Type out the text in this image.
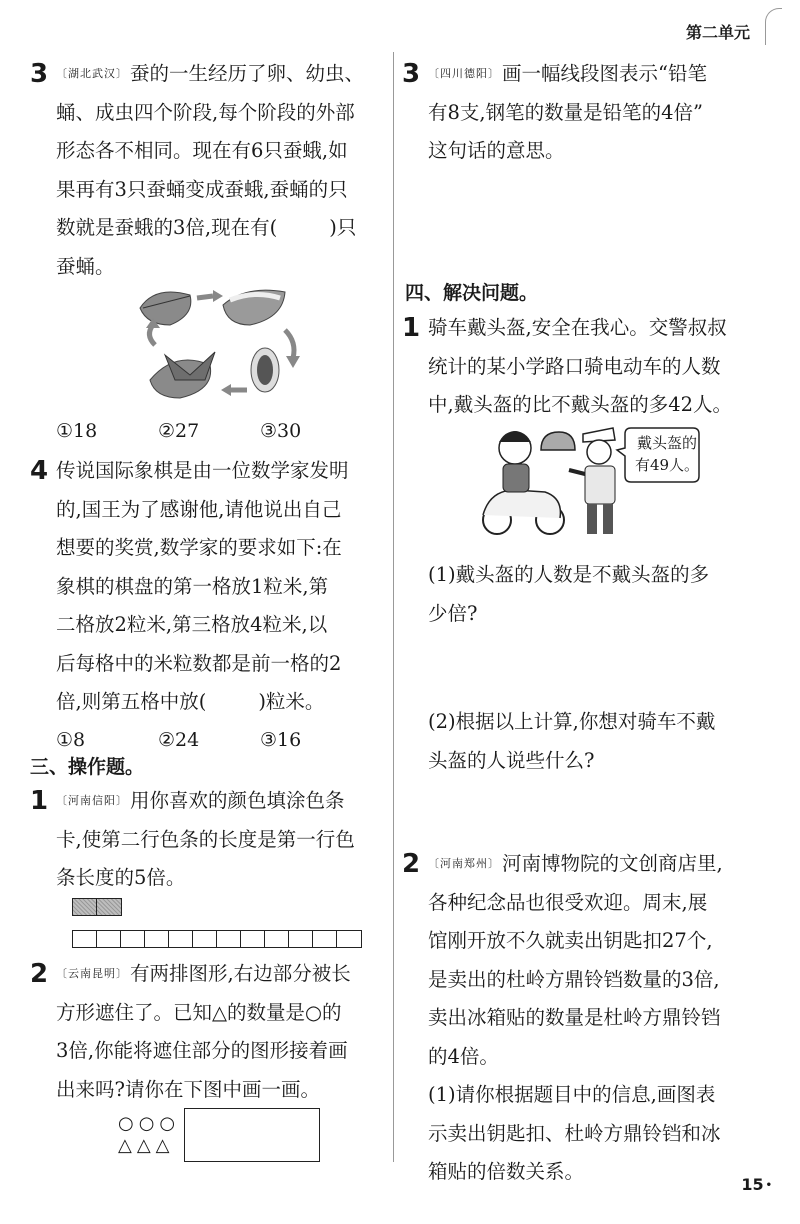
第二单元
3 〔湖北武汉〕 蚕的一生经历了卵、幼虫、
蛹、成虫四个阶段,每个阶段的外部
形态各不相同。现在有6只蚕蛾,如
果再有3只蚕蛹变成蚕蛾,蚕蛹的只
数就是蚕蛾的3倍,现在有(	)只
蚕蛹。
①18	②27	③30
4 传说国际象棋是由一位数学家发明
的,国王为了感谢他,请他说出自己
想要的奖赏,数学家的要求如下:在
象棋的棋盘的第一格放1粒米,第
二格放2粒米,第三格放4粒米,以
后每格中的米粒数都是前一格的2
倍,则第五格中放(	)粒米。
①8	②24	③16
三、操作题。
1 〔河南信阳〕 用你喜欢的颜色填涂色条
卡,使第二行色条的长度是第一行色
条长度的5倍。
2 〔云南昆明〕 有两排图形,右边部分被长
方形遮住了。已知△的数量是○的
3倍,你能将遮住部分的图形接着画
出来吗?请你在下图中画一画。
○○○
△△△
3 〔四川德阳〕 画一幅线段图表示“铅笔
有8支,钢笔的数量是铅笔的4倍”
这句话的意思。
四、解决问题。
1 骑车戴头盔,安全在我心。交警叔叔
统计的某小学路口骑电动车的人数
中,戴头盔的比不戴头盔的多42人。
戴头盔的
有49人。
(1)戴头盔的人数是不戴头盔的多
少倍?
(2)根据以上计算,你想对骑车不戴
头盔的人说些什么?
2 〔河南郑州〕 河南博物院的文创商店里,
各种纪念品也很受欢迎。周末,展
馆刚开放不久就卖出钥匙扣27个,
是卖出的杜岭方鼎铃铛数量的3倍,
卖出冰箱贴的数量是杜岭方鼎铃铛
的4倍。
(1)请你根据题目中的信息,画图表
示卖出钥匙扣、杜岭方鼎铃铛和冰
箱贴的倍数关系。
15 •
